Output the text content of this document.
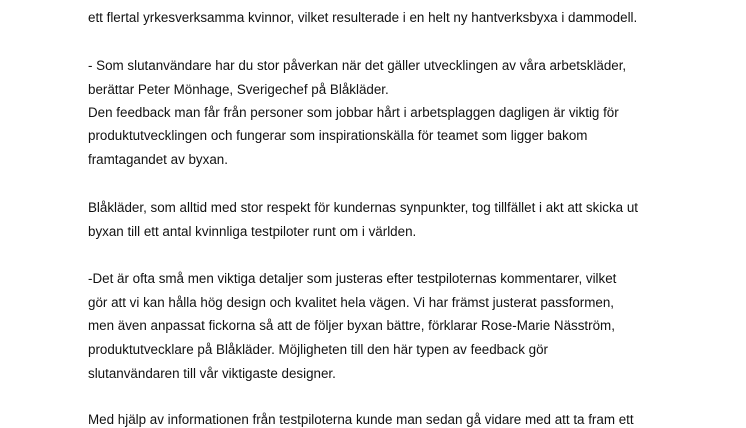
ett flertal yrkesverksamma kvinnor, vilket resulterade i en helt ny hantverksbyxa i dammodell.
- Som slutanvändare har du stor påverkan när det gäller utvecklingen av våra arbetskläder,
berättar Peter Mönhage, Sverigechef på Blåkläder.
Den feedback man får från personer som jobbar hårt i arbetsplaggen dagligen är viktig för
produktutvecklingen och fungerar som inspirationskälla för teamet som ligger bakom
framtagandet av byxan.
Blåkläder, som alltid med stor respekt för kundernas synpunkter, tog tillfället i akt att skicka ut
byxan till ett antal kvinnliga testpiloter runt om i världen.
-Det är ofta små men viktiga detaljer som justeras efter testpiloternas kommentarer, vilket
gör att vi kan hålla hög design och kvalitet hela vägen. Vi har främst justerat passformen,
men även anpassat fickorna så att de följer byxan bättre, förklarar Rose-Marie Näsström,
produktutvecklare på Blåkläder. Möjligheten till den här typen av feedback gör
slutanvändaren till vår viktigaste designer.
Med hjälp av informationen från testpiloterna kunde man sedan gå vidare med att ta fram ett
